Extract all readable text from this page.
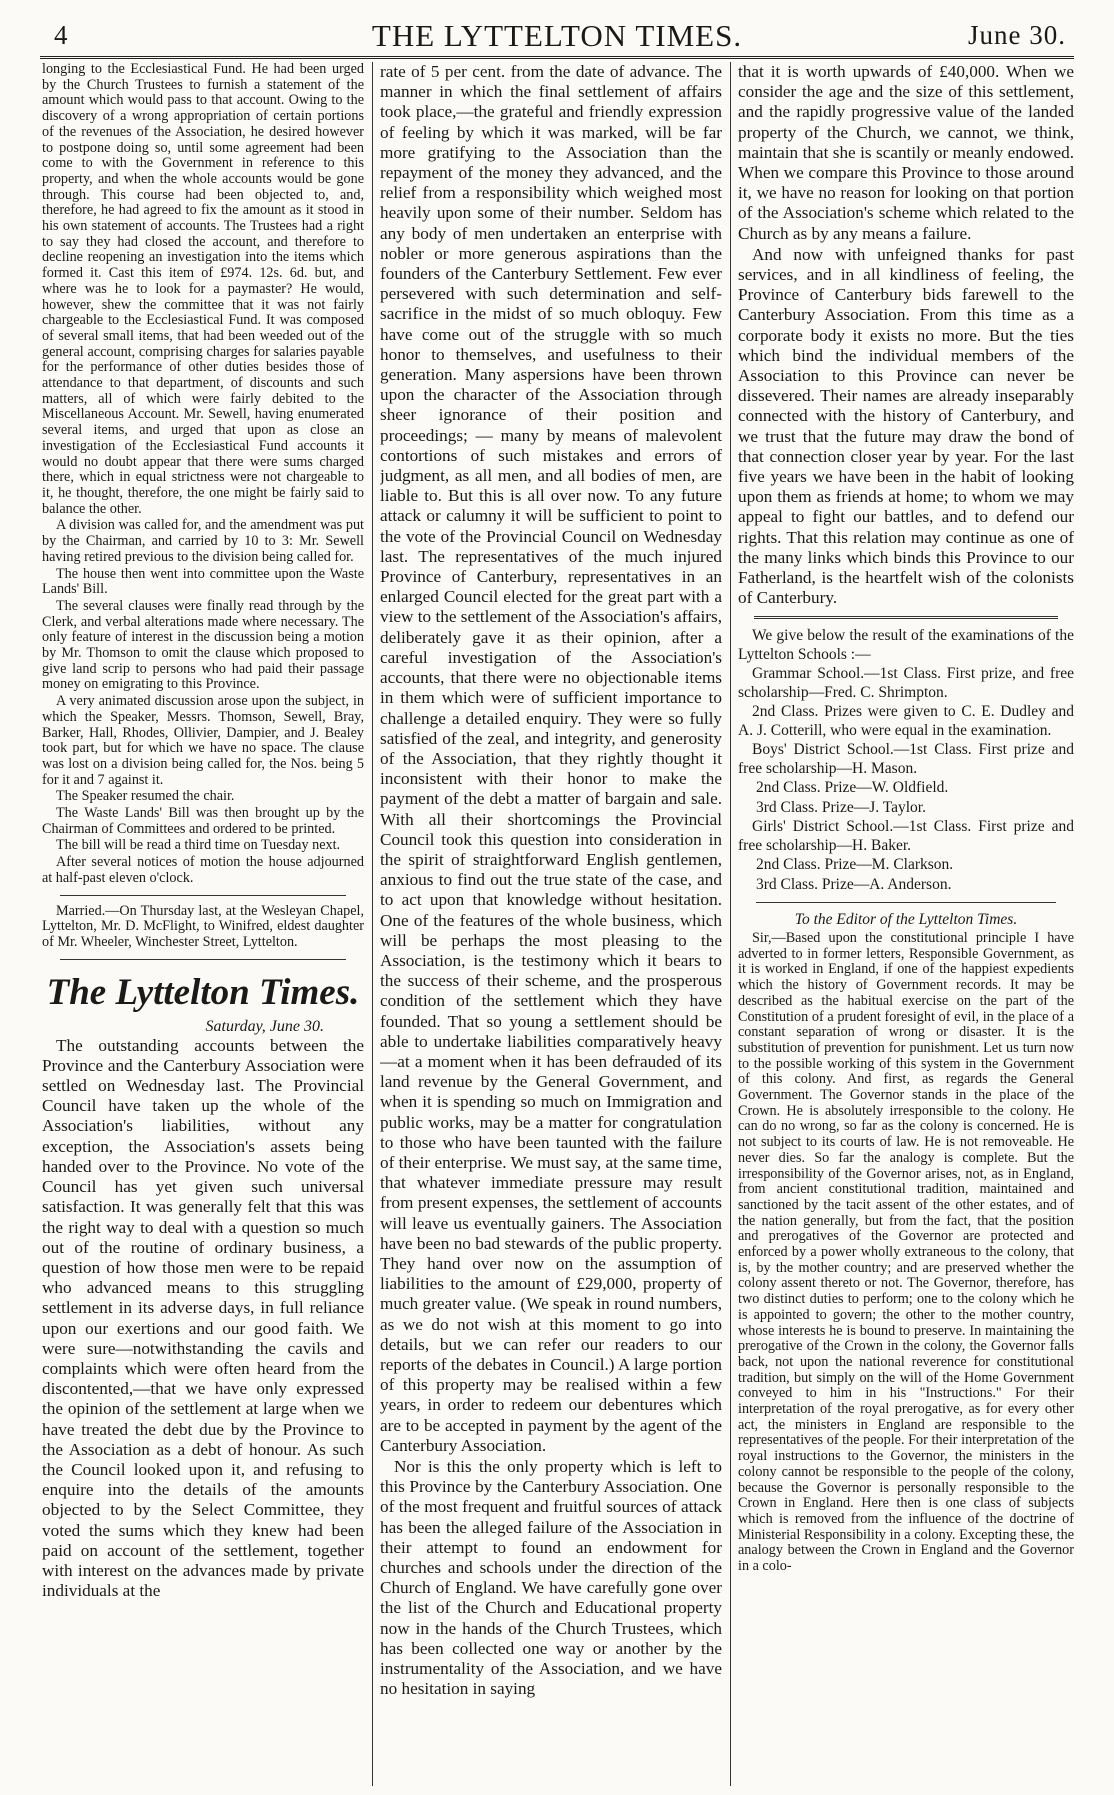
4	THE LYTTELTON TIMES.	June 30.

longing to the Ecclesiastical Fund. He had been urged by the Church Trustees to furnish a statement of the amount which would pass to that account. Owing to the discovery of a wrong appropriation of certain portions of the revenues of the Association, he desired however to postpone doing so, until some agreement had been come to with the Government in reference to this property, and when the whole accounts would be gone through. This course had been objected to, and, therefore, he had agreed to fix the amount as it stood in his own statement of accounts. The Trustees had a right to say they had closed the account, and therefore to decline reopening an investigation into the items which formed it. Cast this item of £974. 12s. 6d. but, and where was he to look for a paymaster? He would, however, shew the committee that it was not fairly chargeable to the Ecclesiastical Fund. It was composed of several small items, that had been weeded out of the general account, comprising charges for salaries payable for the performance of other duties besides those of attendance to that department, of discounts and such matters, all of which were fairly debited to the Miscellaneous Account. Mr. Sewell, having enumerated several items, and urged that upon as close an investigation of the Ecclesiastical Fund accounts it would no doubt appear that there were sums charged there, which in equal strictness were not chargeable to it, he thought, therefore, the one might be fairly said to balance the other.

A division was called for, and the amendment was put by the Chairman, and carried by 10 to 3: Mr. Sewell having retired previous to the division being called for.

The house then went into committee upon the Waste Lands' Bill.

The several clauses were finally read through by the Clerk, and verbal alterations made where necessary. The only feature of interest in the discussion being a motion by Mr. Thomson to omit the clause which proposed to give land scrip to persons who had paid their passage money on emigrating to this Province.

A very animated discussion arose upon the subject, in which the Speaker, Messrs. Thomson, Sewell, Bray, Barker, Hall, Rhodes, Ollivier, Dampier, and J. Bealey took part, but for which we have no space. The clause was lost on a division being called for, the Nos. being 5 for it and 7 against it.

The Speaker resumed the chair.

The Waste Lands' Bill was then brought up by the Chairman of Committees and ordered to be printed.

The bill will be read a third time on Tuesday next.

After several notices of motion the house adjourned at half-past eleven o'clock.

Married.—On Thursday last, at the Wesleyan Chapel, Lyttelton, Mr. D. McFlight, to Winifred, eldest daughter of Mr. Wheeler, Winchester Street, Lyttelton.

The Lyttelton Times.
Saturday, June 30.

The outstanding accounts between the Province and the Canterbury Association were settled on Wednesday last. The Provincial Council have taken up the whole of the Association's liabilities, without any exception, the Association's assets being handed over to the Province. No vote of the Council has yet given such universal satisfaction. It was generally felt that this was the right way to deal with a question so much out of the routine of ordinary business, a question of how those men were to be repaid who advanced means to this struggling settlement in its adverse days, in full reliance upon our exertions and our good faith. We were sure—notwithstanding the cavils and complaints which were often heard from the discontented,—that we have only expressed the opinion of the settlement at large when we have treated the debt due by the Province to the Association as a debt of honour. As such the Council looked upon it, and refusing to enquire into the details of the amounts objected to by the Select Committee, they voted the sums which they knew had been paid on account of the settlement, together with interest on the advances made by private individuals at the

rate of 5 per cent. from the date of advance. The manner in which the final settlement of affairs took place,—the grateful and friendly expression of feeling by which it was marked, will be far more gratifying to the Association than the repayment of the money they advanced, and the relief from a responsibility which weighed most heavily upon some of their number. Seldom has any body of men undertaken an enterprise with nobler or more generous aspirations than the founders of the Canterbury Settlement. Few ever persevered with such determination and self-sacrifice in the midst of so much obloquy. Few have come out of the struggle with so much honor to themselves, and usefulness to their generation. Many aspersions have been thrown upon the character of the Association through sheer ignorance of their position and proceedings; — many by means of malevolent contortions of such mistakes and errors of judgment, as all men, and all bodies of men, are liable to. But this is all over now. To any future attack or calumny it will be sufficient to point to the vote of the Provincial Council on Wednesday last. The representatives of the much injured Province of Canterbury, representatives in an enlarged Council elected for the great part with a view to the settlement of the Association's affairs, deliberately gave it as their opinion, after a careful investigation of the Association's accounts, that there were no objectionable items in them which were of sufficient importance to challenge a detailed enquiry. They were so fully satisfied of the zeal, and integrity, and generosity of the Association, that they rightly thought it inconsistent with their honor to make the payment of the debt a matter of bargain and sale. With all their shortcomings the Provincial Council took this question into consideration in the spirit of straightforward English gentlemen, anxious to find out the true state of the case, and to act upon that knowledge without hesitation. One of the features of the whole business, which will be perhaps the most pleasing to the Association, is the testimony which it bears to the success of their scheme, and the prosperous condition of the settlement which they have founded. That so young a settlement should be able to undertake liabilities comparatively heavy—at a moment when it has been defrauded of its land revenue by the General Government, and when it is spending so much on Immigration and public works, may be a matter for congratulation to those who have been taunted with the failure of their enterprise. We must say, at the same time, that whatever immediate pressure may result from present expenses, the settlement of accounts will leave us eventually gainers. The Association have been no bad stewards of the public property. They hand over now on the assumption of liabilities to the amount of £29,000, property of much greater value. (We speak in round numbers, as we do not wish at this moment to go into details, but we can refer our readers to our reports of the debates in Council.) A large portion of this property may be realised within a few years, in order to redeem our debentures which are to be accepted in payment by the agent of the Canterbury Association.

Nor is this the only property which is left to this Province by the Canterbury Association. One of the most frequent and fruitful sources of attack has been the alleged failure of the Association in their attempt to found an endowment for churches and schools under the direction of the Church of England. We have carefully gone over the list of the Church and Educational property now in the hands of the Church Trustees, which has been collected one way or another by the instrumentality of the Association, and we have no hesitation in saying

that it is worth upwards of £40,000. When we consider the age and the size of this settlement, and the rapidly progressive value of the landed property of the Church, we cannot, we think, maintain that she is scantily or meanly endowed. When we compare this Province to those around it, we have no reason for looking on that portion of the Association's scheme which related to the Church as by any means a failure.

And now with unfeigned thanks for past services, and in all kindliness of feeling, the Province of Canterbury bids farewell to the Canterbury Association. From this time as a corporate body it exists no more. But the ties which bind the individual members of the Association to this Province can never be dissevered. Their names are already inseparably connected with the history of Canterbury, and we trust that the future may draw the bond of that connection closer year by year. For the last five years we have been in the habit of looking upon them as friends at home; to whom we may appeal to fight our battles, and to defend our rights. That this relation may continue as one of the many links which binds this Province to our Fatherland, is the heartfelt wish of the colonists of Canterbury.

We give below the result of the examinations of the Lyttelton Schools :—

Grammar School.—1st Class. First prize, and free scholarship—Fred. C. Shrimpton.

2nd Class. Prizes were given to C. E. Dudley and A. J. Cotterill, who were equal in the examination.

Boys' District School.—1st Class. First prize and free scholarship—H. Mason.

2nd Class. Prize—W. Oldfield.

3rd Class. Prize—J. Taylor.

Girls' District School.—1st Class. First prize and free scholarship—H. Baker.

2nd Class. Prize—M. Clarkson.

3rd Class. Prize—A. Anderson.

To the Editor of the Lyttelton Times.

Sir,—Based upon the constitutional principle I have adverted to in former letters, Responsible Government, as it is worked in England, if one of the happiest expedients which the history of Government records. It may be described as the habitual exercise on the part of the Constitution of a prudent foresight of evil, in the place of a constant separation of wrong or disaster. It is the substitution of prevention for punishment. Let us turn now to the possible working of this system in the Government of this colony. And first, as regards the General Government. The Governor stands in the place of the Crown. He is absolutely irresponsible to the colony. He can do no wrong, so far as the colony is concerned. He is not subject to its courts of law. He is not removeable. He never dies. So far the analogy is complete. But the irresponsibility of the Governor arises, not, as in England, from ancient constitutional tradition, maintained and sanctioned by the tacit assent of the other estates, and of the nation generally, but from the fact, that the position and prerogatives of the Governor are protected and enforced by a power wholly extraneous to the colony, that is, by the mother country; and are preserved whether the colony assent thereto or not. The Governor, therefore, has two distinct duties to perform; one to the colony which he is appointed to govern; the other to the mother country, whose interests he is bound to preserve. In maintaining the prerogative of the Crown in the colony, the Governor falls back, not upon the national reverence for constitutional tradition, but simply on the will of the Home Government conveyed to him in his "Instructions." For their interpretation of the royal prerogative, as for every other act, the ministers in England are responsible to the representatives of the people. For their interpretation of the royal instructions to the Governor, the ministers in the colony cannot be responsible to the people of the colony, because the Governor is personally responsible to the Crown in England. Here then is one class of subjects which is removed from the influence of the doctrine of Ministerial Responsibility in a colony. Excepting these, the analogy between the Crown in England and the Governor in a colo-
